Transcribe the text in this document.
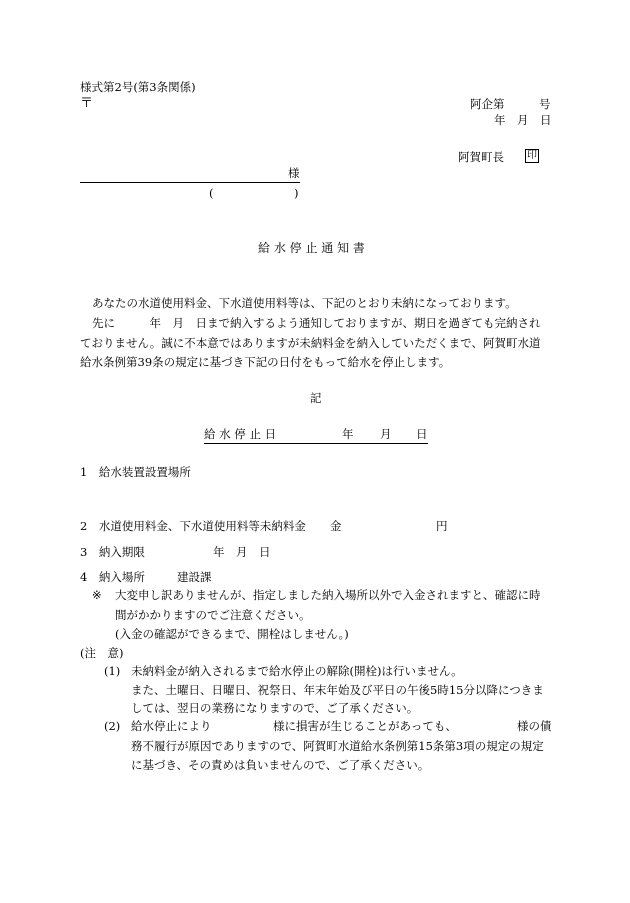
様式第2号(第3条関係)
〒	阿企第　　　号
年　月　日
阿賀町長 印
様
(　　　　　　　)
給 水 停 止 通 知 書
あなたの水道使用料金、下水道使用料等は、下記のとおり未納になっております。
先に　　　年　月　日まで納入するよう通知しておりますが、期日を過ぎても完納され
ておりません。誠に不本意ではありますが未納料金を納入していただくまで、阿賀町水道
給水条例第39条の規定に基づき下記の日付をもって給水を停止します。
記
給 水 停 止 日	年 月 日
1　給水装置設置場所
2　水道使用料金、下水道使用料等未納料金 金	円
3　納入期限	年　月　日
4　納入場所	建設課
※ 大変申し訳ありませんが、指定しました納入場所以外で入金されますと、確認に時
間がかかりますのでご注意ください。
(入金の確認ができるまで、開栓はしません。)
(注　意)
(1) 未納料金が納入されるまで給水停止の解除(開栓)は行いません。
また、土曜日、日曜日、祝祭日、年末年始及び平日の午後5時15分以降につきま
しては、翌日の業務になりますので、ご了承ください。
(2) 給水停止により	様に損害が生じることがあっても、	様の債
務不履行が原因でありますので、阿賀町水道給水条例第15条第3項の規定の規定
に基づき、その責めは負いませんので、ご了承ください。
